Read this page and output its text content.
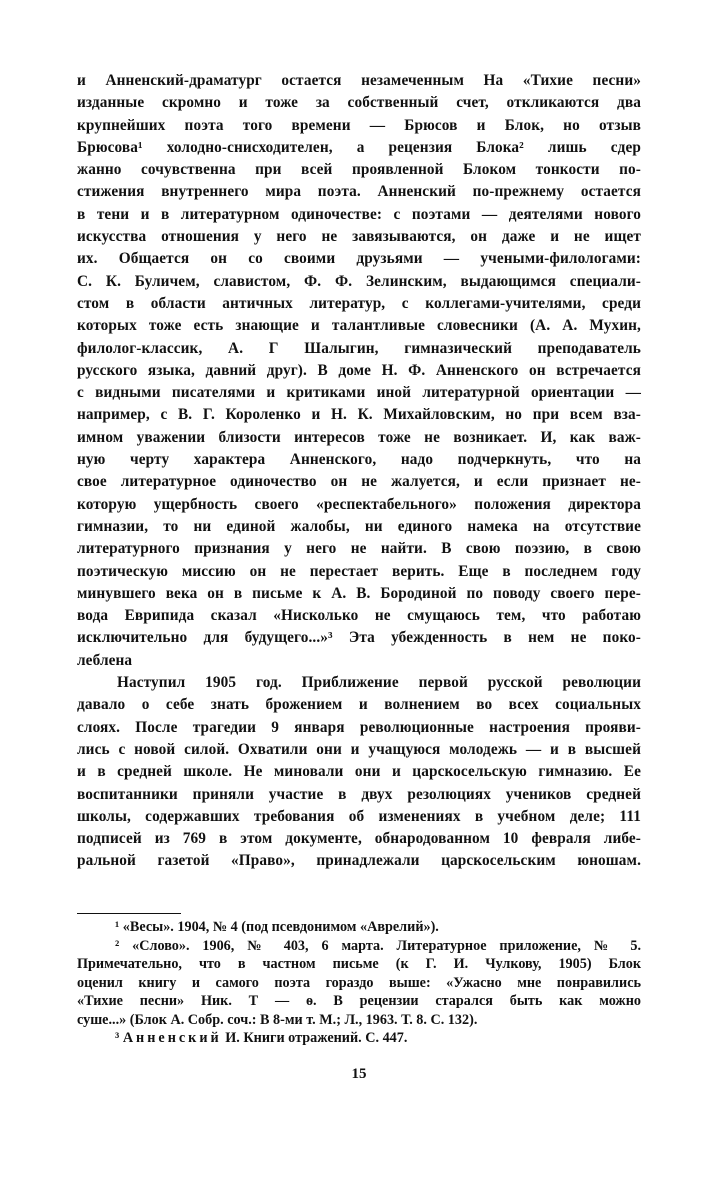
и Анненский-драматург остается незамеченным На «Тихие песни»
изданные скромно и тоже за собственный счет, откликаются два
крупнейших поэта того времени — Брюсов и Блок, но отзыв
Брюсова¹ холодно-снисходителен, а рецензия Блока² лишь сдер
жанно сочувственна при всей проявленной Блоком тонкости по-
стижения внутреннего мира поэта. Анненский по-прежнему остается
в тени и в литературном одиночестве: с поэтами — деятелями нового
искусства отношения у него не завязываются, он даже и не ищет
их. Общается он со своими друзьями — учеными-филологами:
С. К. Буличем, славистом, Ф. Ф. Зелинским, выдающимся специали-
стом в области античных литератур, с коллегами-учителями, среди
которых тоже есть знающие и талантливые словесники (А. А. Мухин,
филолог-классик, А. Г Шалыгин, гимназический преподаватель
русского языка, давний друг). В доме Н. Ф. Анненского он встречается
с видными писателями и критиками иной литературной ориентации —
например, с В. Г. Короленко и Н. К. Михайловским, но при всем вза-
имном уважении близости интересов тоже не возникает. И, как важ-
ную черту характера Анненского, надо подчеркнуть, что на
свое литературное одиночество он не жалуется, и если признает не-
которую ущербность своего «респектабельного» положения директора
гимназии, то ни единой жалобы, ни единого намека на отсутствие
литературного признания у него не найти. В свою поэзию, в свою
поэтическую миссию он не перестает верить. Еще в последнем году
минувшего века он в письме к А. В. Бородиной по поводу своего пере-
вода Еврипида сказал «Нисколько не смущаюсь тем, что работаю
исключительно для будущего...»³ Эта убежденность в нем не поко-
леблена

Наступил 1905 год. Приближение первой русской революции
давало о себе знать брожением и волнением во всех социальных
слоях. После трагедии 9 января революционные настроения прояви-
лись с новой силой. Охватили они и учащуюся молодежь — и в высшей
и в средней школе. Не миновали они и царскосельскую гимназию. Ее
воспитанники приняли участие в двух резолюциях учеников средней
школы, содержавших требования об изменениях в учебном деле; 111
подписей из 769 в этом документе, обнародованном 10 февраля либе-
ральной газетой «Право», принадлежали царскосельским юношам.

¹ «Весы». 1904, № 4 (под псевдонимом «Аврелий»).
² «Слово». 1906, № 403, 6 марта. Литературное приложение, № 5.
Примечательно, что в частном письме (к Г. И. Чулкову, 1905) Блок
оценил книгу и самого поэта гораздо выше: «Ужасно мне понравились
«Тихие песни» Ник. Т — ѳ. В рецензии старался быть как можно
суше...» (Блок А. Собр. соч.: В 8-ми т. М.; Л., 1963. Т. 8. С. 132).
³ Анненский И. Книги отражений. С. 447.
15
